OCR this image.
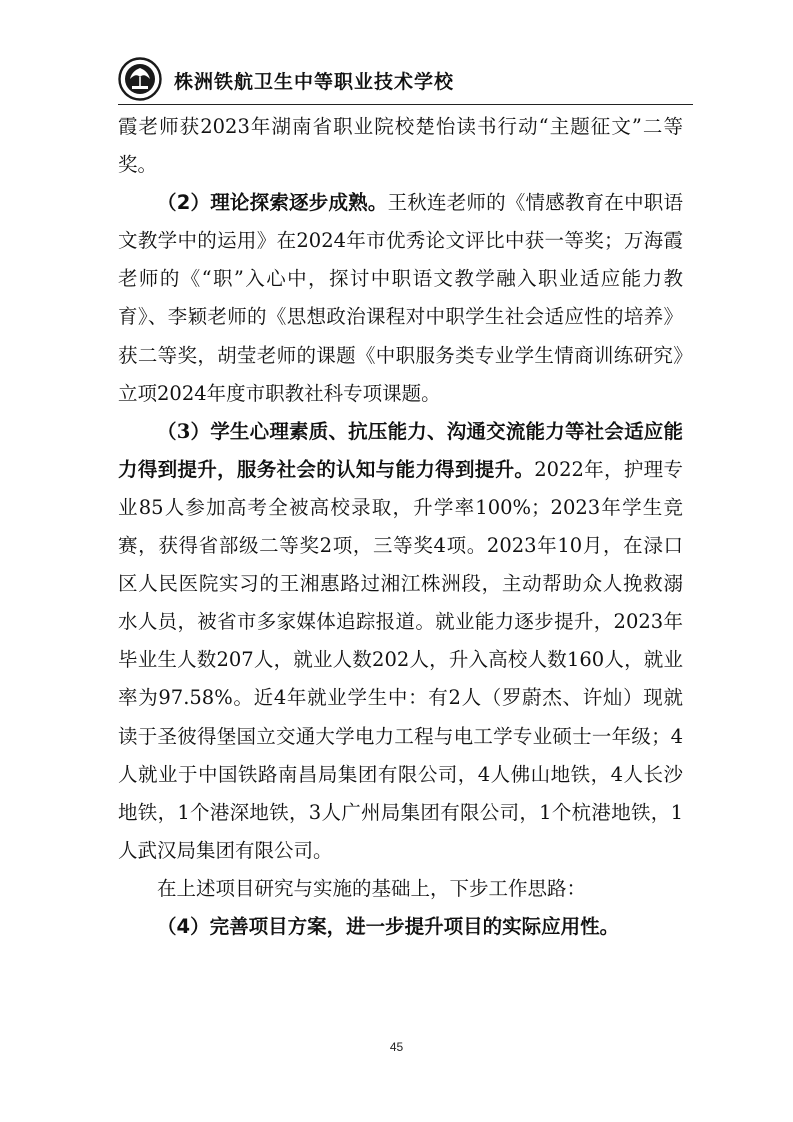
株洲铁航卫生中等职业技术学校

霞老师获2023年湖南省职业院校楚怡读书行动“主题征文”二等奖。

（2）理论探索逐步成熟。王秋连老师的《情感教育在中职语文教学中的运用》在2024年市优秀论文评比中获一等奖；万海霞老师的《“职”入心中，探讨中职语文教学融入职业适应能力教育》、李颖老师的《思想政治课程对中职学生社会适应性的培养》获二等奖，胡莹老师的课题《中职服务类专业学生情商训练研究》立项2024年度市职教社科专项课题。

（3）学生心理素质、抗压能力、沟通交流能力等社会适应能力得到提升，服务社会的认知与能力得到提升。2022年，护理专业85人参加高考全被高校录取，升学率100%；2023年学生竞赛，获得省部级二等奖2项，三等奖4项。2023年10月，在渌口区人民医院实习的王湘惠路过湘江株洲段，主动帮助众人挽救溺水人员，被省市多家媒体追踪报道。就业能力逐步提升，2023年毕业生人数207人，就业人数202人，升入高校人数160人，就业率为97.58%。近4年就业学生中：有2人（罗蔚杰、许灿）现就读于圣彼得堡国立交通大学电力工程与电工学专业硕士一年级；4人就业于中国铁路南昌局集团有限公司，4人佛山地铁，4人长沙地铁，1个港深地铁，3人广州局集团有限公司，1个杭港地铁，1人武汉局集团有限公司。

在上述项目研究与实施的基础上，下步工作思路：

（4）完善项目方案，进一步提升项目的实际应用性。

45
